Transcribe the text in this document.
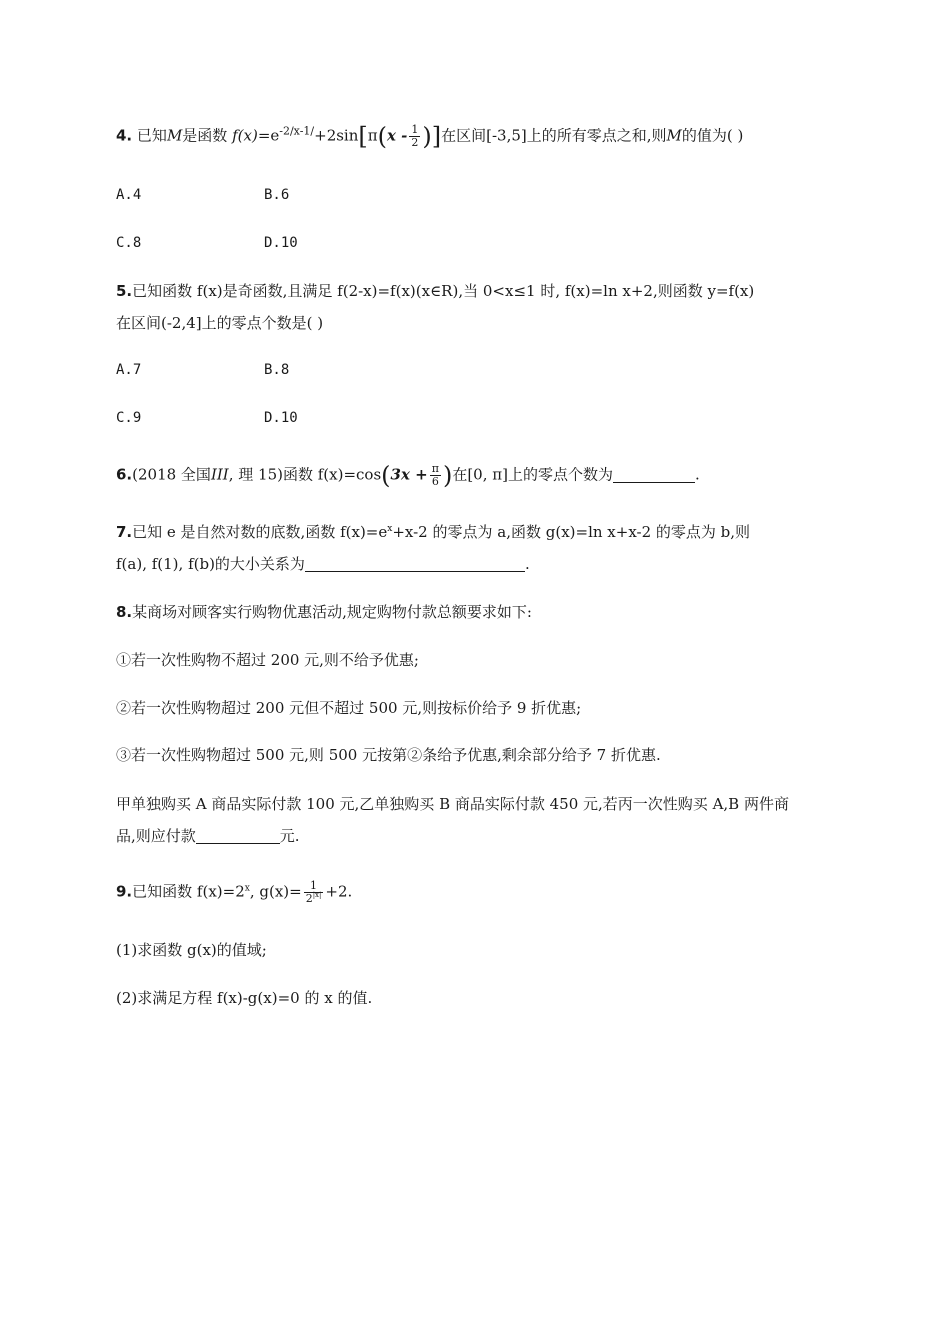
4. 已知M是函数 $f(x)=e^{-2/x-1/}+2\sin[\pi(x - \frac{1}{2}$ )]在区间[-3,5]上的所有零点之和,则M的值为( )
A.4	B.6
C.8	D.10
5.已知函数 f(x)是奇函数,且满足 f(2-x)=f(x)(x∈R),当 0<x≤1 时, f(x)=ln x+2,则函数 y=f(x)
在区间(-2,4]上的零点个数是( )
A.7	B.8
C.9	D.10
6.(2018 全国III, 理 15)函数 $f(x)=\cos(3x + \frac{\pi}{6}$ )在[0, π]上的零点个数为	.
7.已知 e 是自然对数的底数,函数 $f(x)=e^x+x-2$ 的零点为 a,函数 g(x)=ln x+x-2 的零点为 b,则
f(a), f(1), f(b)的大小关系为	.
8.某商场对顾客实行购物优惠活动,规定购物付款总额要求如下:
①若一次性购物不超过 200 元,则不给予优惠;
②若一次性购物超过 200 元但不超过 500 元,则按标价给予 9 折优惠;
③若一次性购物超过 500 元,则 500 元按第②条给予优惠,剩余部分给予 7 折优惠.
甲单独购买 A 商品实际付款 100 元,乙单独购买 B 商品实际付款 450 元,若丙一次性购买 A,B 两件商
品,则应付款	元.
9.已知函数 $f(x)=2^x$, $g(x)= \frac{1}{2^{|x|}} +2$.
(1)求函数 g(x)的值域;
(2)求满足方程 f(x)-g(x)=0 的 x 的值.
